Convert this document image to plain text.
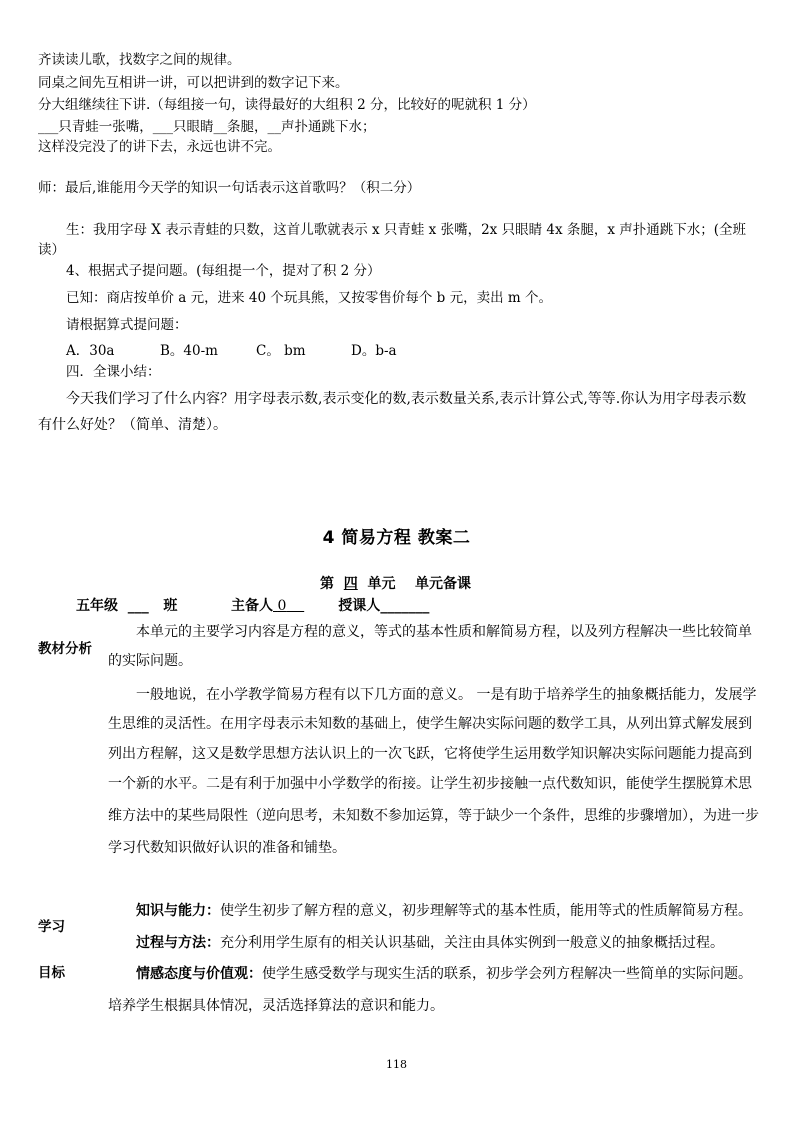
齐读读儿歌，找数字之间的规律。
同桌之间先互相讲一讲，可以把讲到的数字记下来。
分大组继续往下讲.（每组接一句，读得最好的大组积 2 分，比较好的呢就积 1 分）
___只青蛙一张嘴，___只眼睛__条腿，__声扑通跳下水；
这样没完没了的讲下去，永远也讲不完。
师：最后,谁能用今天学的知识一句话表示这首歌吗？（积二分）
生：我用字母 X 表示青蛙的只数，这首儿歌就表示 x 只青蛙 x 张嘴，2x 只眼睛 4x 条腿，x 声扑通跳下水；(全班
读）
4、根据式子提问题。(每组提一个，提对了积 2 分）
已知：商店按单价 a 元，进来 40 个玩具熊，又按零售价每个 b 元，卖出 m 个。
请根据算式提问题：
A．30a	B。40-m	C。 bm	D。b-a
四．全课小结：
今天我们学习了什么内容？用字母表示数,表示变化的数,表示数量关系,表示计算公式,等等.你认为用字母表示数
有什么好处？（简单、清楚）。
4 简易方程 教案二
第 四 单元    单元备课
五年级 ___ 班	主备人 0	授课人_______
教材分析
本单元的主要学习内容是方程的意义，等式的基本性质和解简易方程，以及列方程解决一些比较简单
的实际问题。
一般地说，在小学教学简易方程有以下几方面的意义。 一是有助于培养学生的抽象概括能力，发展学
生思维的灵活性。在用字母表示未知数的基础上，使学生解决实际问题的数学工具，从列出算式解发展到
列出方程解，这又是数学思想方法认识上的一次飞跃，它将使学生运用数学知识解决实际问题能力提高到
一个新的水平。二是有利于加强中小学数学的衔接。让学生初步接触一点代数知识，能使学生摆脱算术思
维方法中的某些局限性（逆向思考，未知数不参加运算，等于缺少一个条件，思维的步骤增加），为进一步
学习代数知识做好认识的准备和铺垫。
学习
目标
知识与能力：使学生初步了解方程的意义，初步理解等式的基本性质，能用等式的性质解简易方程。
过程与方法：充分利用学生原有的相关认识基础，关注由具体实例到一般意义的抽象概括过程。
情感态度与价值观：使学生感受数学与现实生活的联系，初步学会列方程解决一些简单的实际问题。
培养学生根据具体情况，灵活选择算法的意识和能力。
118
